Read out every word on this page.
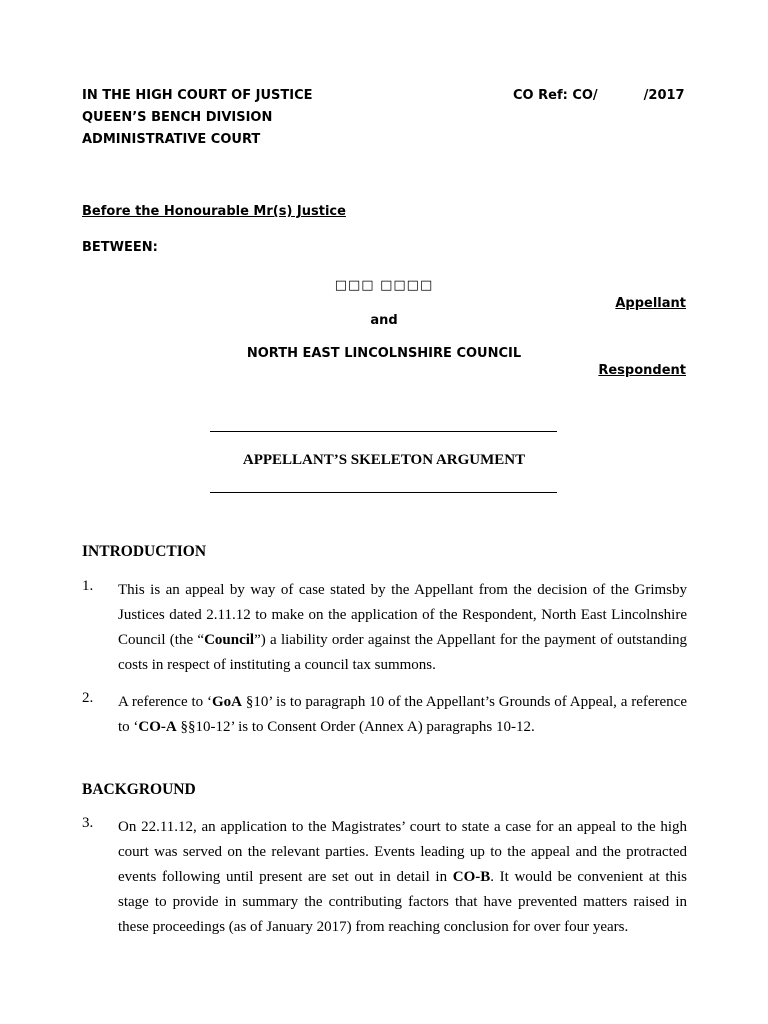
IN THE HIGH COURT OF JUSTICE
QUEEN’S BENCH DIVISION
ADMINISTRATIVE COURT
CO Ref: CO/	/2017
Before the Honourable Mr(s) Justice
BETWEEN:
□□□ □□□□
Appellant
and
NORTH EAST LINCOLNSHIRE COUNCIL
Respondent
APPELLANT’S SKELETON ARGUMENT
INTRODUCTION
1. This is an appeal by way of case stated by the Appellant from the decision of the Grimsby Justices dated 2.11.12 to make on the application of the Respondent, North East Lincolnshire Council (the “Council”) a liability order against the Appellant for the payment of outstanding costs in respect of instituting a council tax summons.
2. A reference to ‘GoA §10’ is to paragraph 10 of the Appellant’s Grounds of Appeal, a reference to ‘CO-A §§10-12’ is to Consent Order (Annex A) paragraphs 10-12.
BACKGROUND
3. On 22.11.12, an application to the Magistrates’ court to state a case for an appeal to the high court was served on the relevant parties. Events leading up to the appeal and the protracted events following until present are set out in detail in CO-B. It would be convenient at this stage to provide in summary the contributing factors that have prevented matters raised in these proceedings (as of January 2017) from reaching conclusion for over four years.
